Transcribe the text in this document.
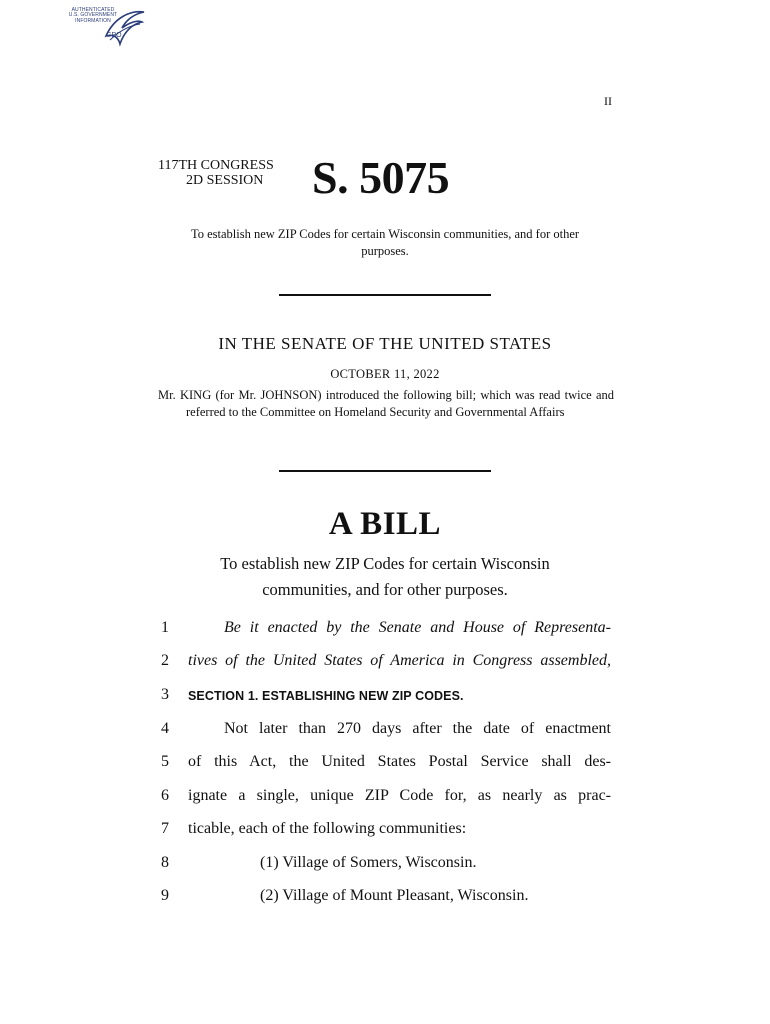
AUTHENTICATED
U.S. GOVERNMENT
INFORMATION
GPO
II
117TH CONGRESS
2D SESSION	S. 5075
To establish new ZIP Codes for certain Wisconsin communities, and for other purposes.
IN THE SENATE OF THE UNITED STATES
OCTOBER 11, 2022
Mr. KING (for Mr. JOHNSON) introduced the following bill; which was read twice and referred to the Committee on Homeland Security and Governmental Affairs
A BILL
To establish new ZIP Codes for certain Wisconsin
communities, and for other purposes.
1	Be it enacted by the Senate and House of Representa-
2	tives of the United States of America in Congress assembled,
3	SECTION 1. ESTABLISHING NEW ZIP CODES.
4	Not later than 270 days after the date of enactment
5	of this Act, the United States Postal Service shall des-
6	ignate a single, unique ZIP Code for, as nearly as prac-
7	ticable, each of the following communities:
8	(1) Village of Somers, Wisconsin.
9	(2) Village of Mount Pleasant, Wisconsin.
